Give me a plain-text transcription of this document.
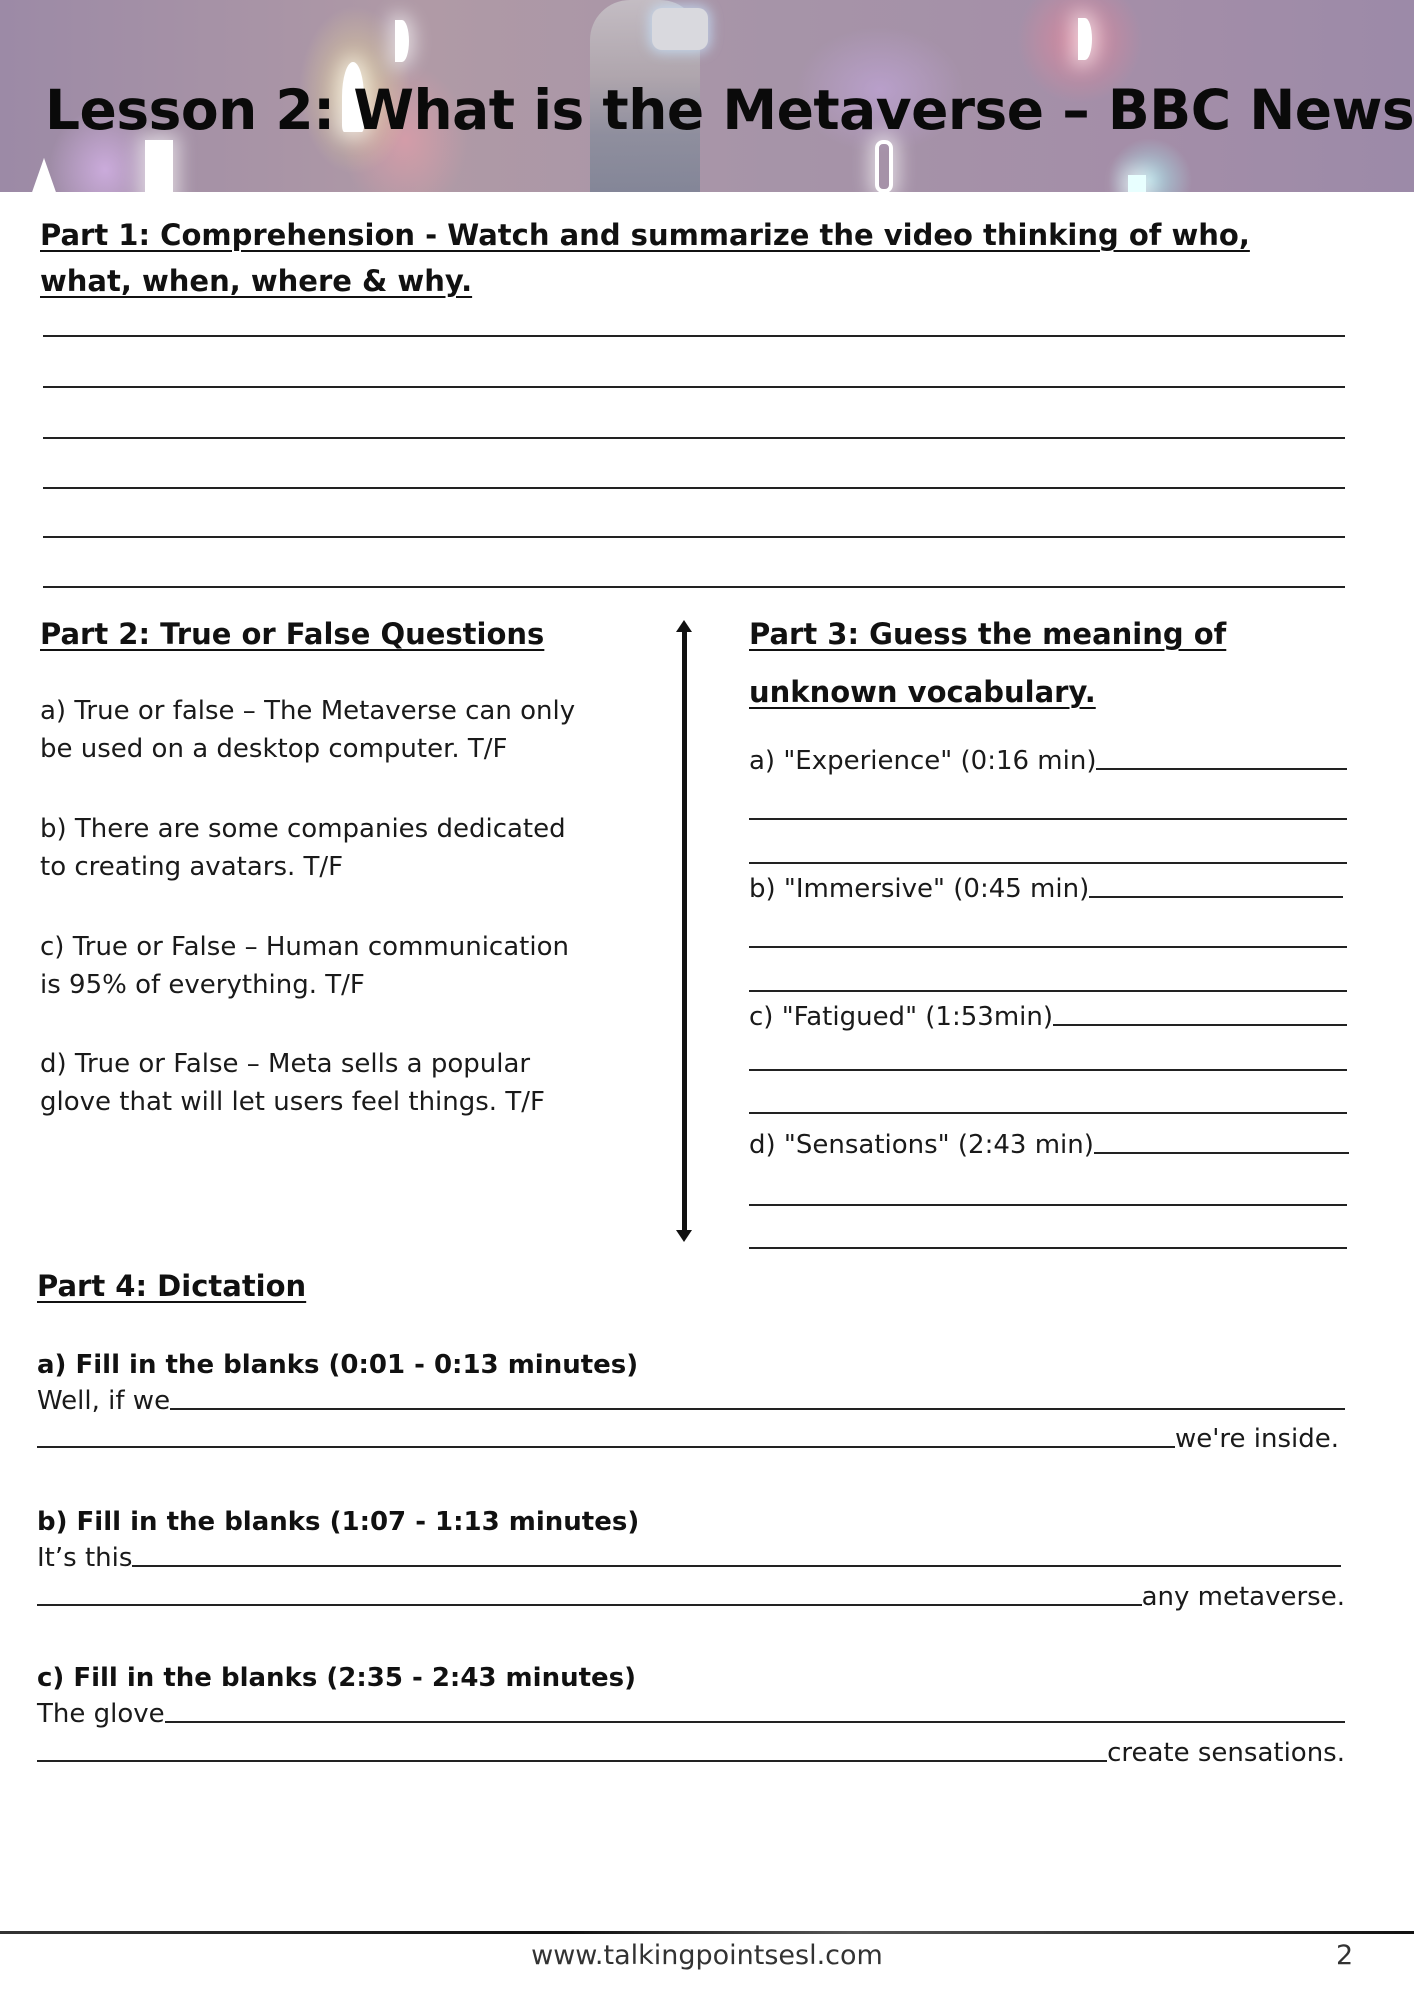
Lesson 2: What is the Metaverse – BBC News
Part 1: Comprehension - Watch and summarize the video thinking of who,
what, when, where & why.
Part 2: True or False Questions
a) True or false – The Metaverse can only
be used on a desktop computer. T/F
b) There are some companies dedicated
to creating avatars. T/F
c) True or False – Human communication
is 95% of everything. T/F
d) True or False – Meta sells a popular
glove that will let users feel things. T/F
Part 3: Guess the meaning of
unknown vocabulary.
a) "Experience" (0:16 min)
b) "Immersive" (0:45 min)
c) "Fatigued" (1:53min)
d) "Sensations" (2:43 min)
Part 4: Dictation
a) Fill in the blanks (0:01 - 0:13 minutes)
Well, if we
we're inside.
b) Fill in the blanks (1:07 - 1:13 minutes)
It’s this
any metaverse.
c) Fill in the blanks (2:35 - 2:43 minutes)
The glove
create sensations.
www.talkingpointsesl.com	2
